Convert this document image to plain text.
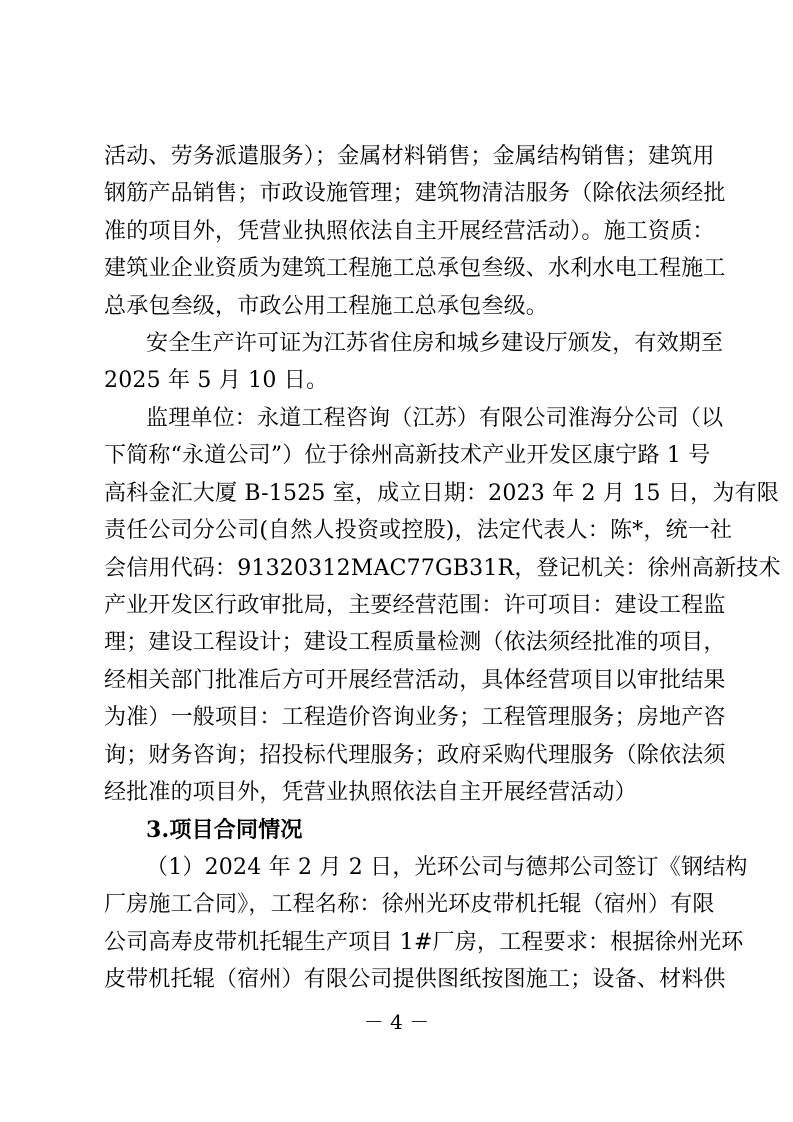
活动、劳务派遣服务）；金属材料销售；金属结构销售；建筑用
钢筋产品销售；市政设施管理；建筑物清洁服务（除依法须经批
准的项目外，凭营业执照依法自主开展经营活动）。施工资质：
建筑业企业资质为建筑工程施工总承包叁级、水利水电工程施工
总承包叁级，市政公用工程施工总承包叁级。
安全生产许可证为江苏省住房和城乡建设厅颁发，有效期至
2025 年 5 月 10 日。
监理单位：永道工程咨询（江苏）有限公司淮海分公司（以
下简称“永道公司”）位于徐州高新技术产业开发区康宁路 1 号
高科金汇大厦 B-1525 室，成立日期：2023 年 2 月 15 日，为有限
责任公司分公司(自然人投资或控股)，法定代表人：陈*，统一社
会信用代码：91320312MAC77GB31R，登记机关：徐州高新技术
产业开发区行政审批局，主要经营范围：许可项目：建设工程监
理；建设工程设计；建设工程质量检测（依法须经批准的项目，
经相关部门批准后方可开展经营活动，具体经营项目以审批结果
为准）一般项目：工程造价咨询业务；工程管理服务；房地产咨
询；财务咨询；招投标代理服务；政府采购代理服务（除依法须
经批准的项目外，凭营业执照依法自主开展经营活动）
3.项目合同情况
（1）2024 年 2 月 2 日，光环公司与德邦公司签订《钢结构
厂房施工合同》，工程名称：徐州光环皮带机托辊（宿州）有限
公司高寿皮带机托辊生产项目 1#厂房，工程要求：根据徐州光环
皮带机托辊（宿州）有限公司提供图纸按图施工；设备、材料供
－ 4 －
